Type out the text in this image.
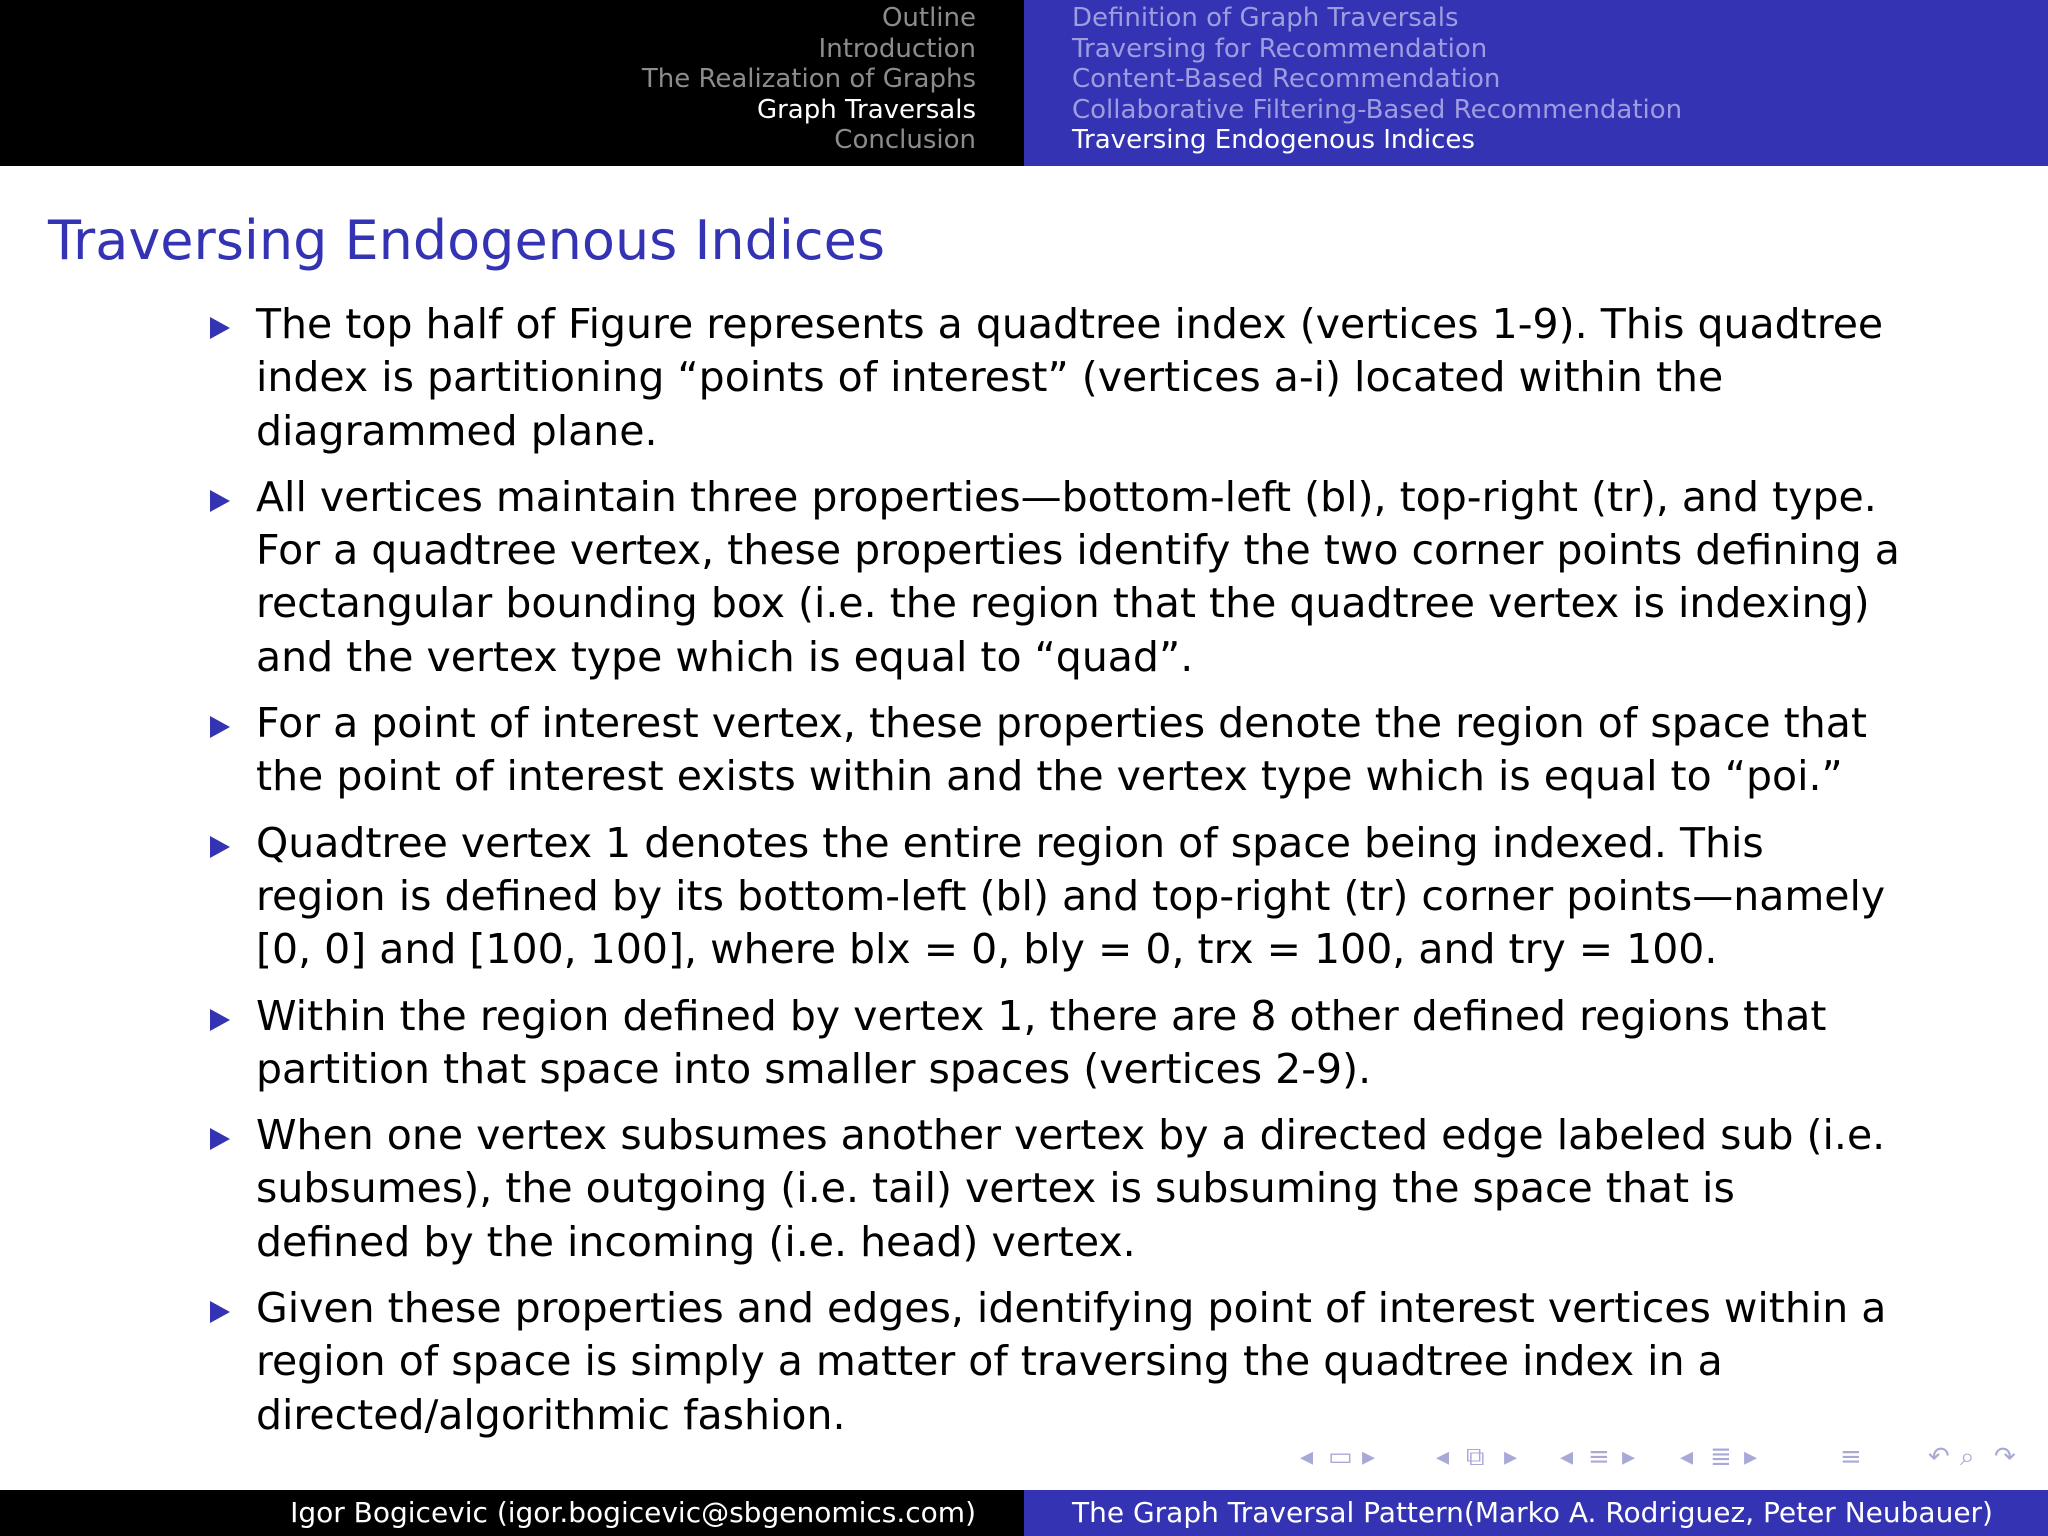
Outline
Introduction
The Realization of Graphs
Graph Traversals
Conclusion
Definition of Graph Traversals
Traversing for Recommendation
Content-Based Recommendation
Collaborative Filtering-Based Recommendation
Traversing Endogenous Indices
Traversing Endogenous Indices
The top half of Figure represents a quadtree index (vertices 1-9). This quadtree index is partitioning “points of interest” (vertices a-i) located within the diagrammed plane.
All vertices maintain three properties—bottom-left (bl), top-right (tr), and type. For a quadtree vertex, these properties identify the two corner points defining a rectangular bounding box (i.e. the region that the quadtree vertex is indexing) and the vertex type which is equal to “quad”.
For a point of interest vertex, these properties denote the region of space that the point of interest exists within and the vertex type which is equal to “poi.”
Quadtree vertex 1 denotes the entire region of space being indexed. This region is defined by its bottom-left (bl) and top-right (tr) corner points—namely [0, 0] and [100, 100], where blx = 0, bly = 0, trx = 100, and try = 100.
Within the region defined by vertex 1, there are 8 other defined regions that partition that space into smaller spaces (vertices 2-9).
When one vertex subsumes another vertex by a directed edge labeled sub (i.e. subsumes), the outgoing (i.e. tail) vertex is subsuming the space that is defined by the incoming (i.e. head) vertex.
Given these properties and edges, identifying point of interest vertices within a region of space is simply a matter of traversing the quadtree index in a directed/algorithmic fashion.
◂ ▭ ▸ ◂ ⧉ ▸ ◂ ≡ ▸ ◂ ≣ ▸	≡	↶ ⌕ ↷
Igor Bogicevic (igor.bogicevic@sbgenomics.com)	The Graph Traversal Pattern(Marko A. Rodriguez, Peter Neubauer)
